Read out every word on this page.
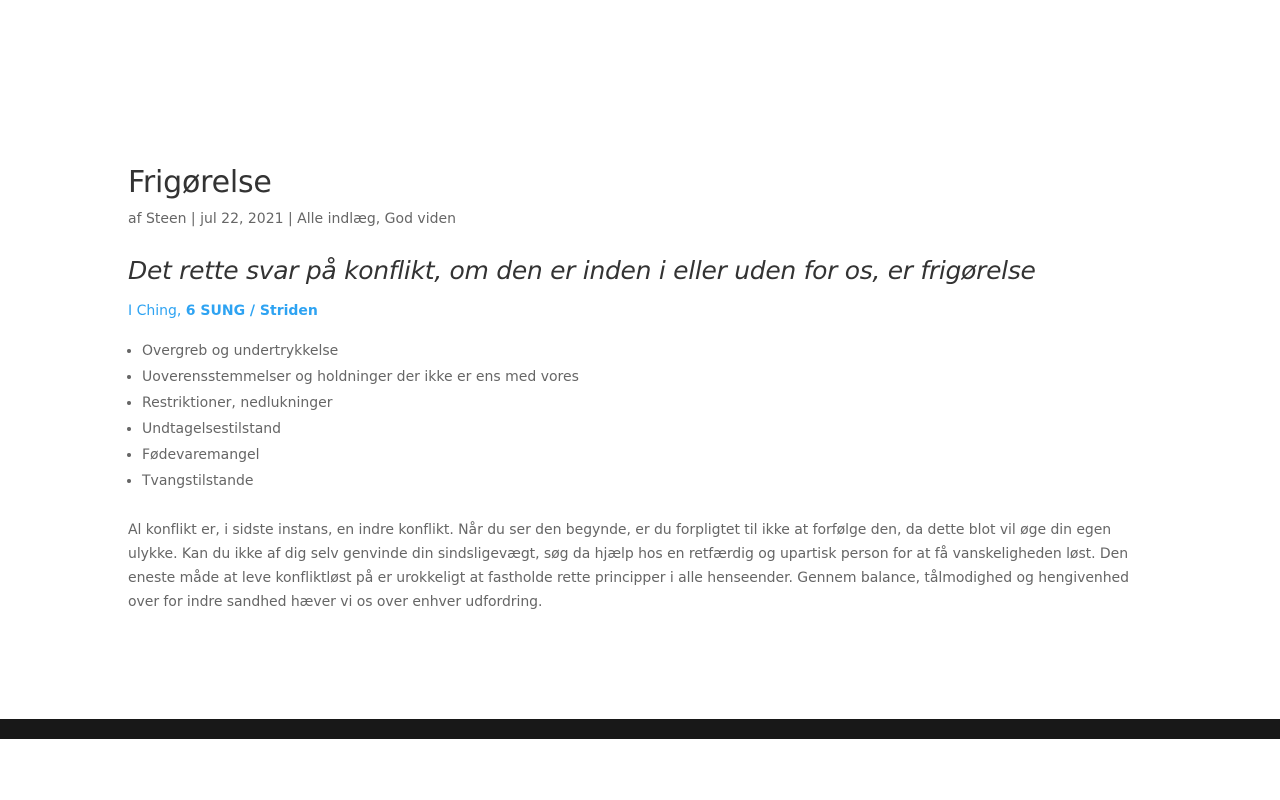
Frigørelse
af Steen | jul 22, 2021 | Alle indlæg, God viden
Det rette svar på konflikt, om den er inden i eller uden for os, er frigørelse
I Ching, 6 SUNG / Striden
• Overgreb og undertrykkelse
• Uoverensstemmelser og holdninger der ikke er ens med vores
• Restriktioner, nedlukninger
• Undtagelsestilstand
• Fødevaremangel
• Tvangstilstande

Al konflikt er, i sidste instans, en indre konflikt. Når du ser den begynde, er du forpligtet til ikke at forfølge den, da dette blot vil øge din egen ulykke. Kan du ikke af dig selv genvinde din sindsligevægt, søg da hjælp hos en retfærdig og upartisk person for at få vanskeligheden løst. Den eneste måde at leve konfliktløst på er urokkeligt at fastholde rette principper i alle henseender. Gennem balance, tålmodighed og hengivenhed over for indre sandhed hæver vi os over enhver udfordring.
